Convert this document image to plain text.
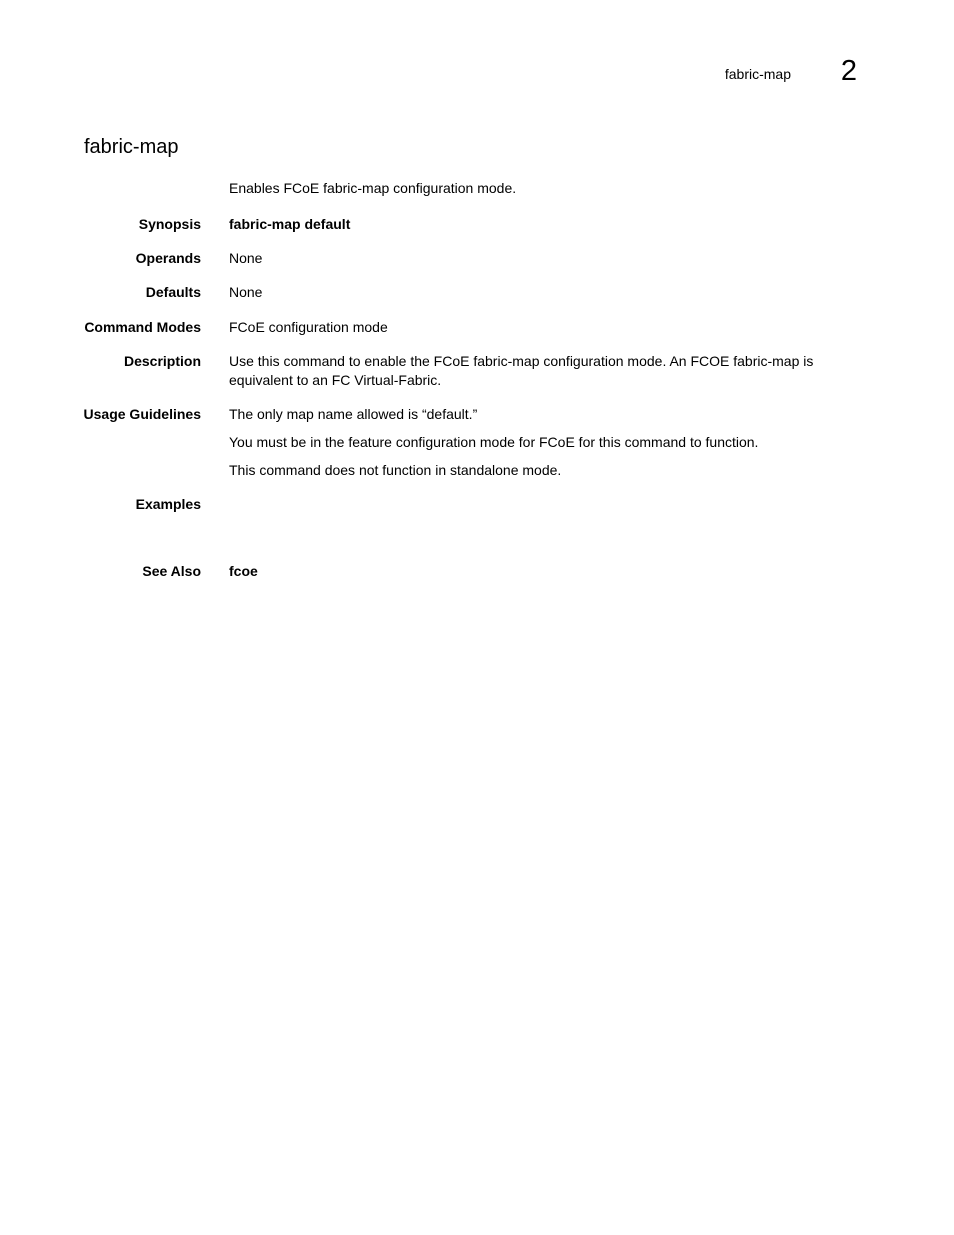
fabric-map 2
fabric-map
Enables FCoE fabric-map configuration mode.
Synopsis fabric-map default
Operands None
Defaults None
Command Modes FCoE configuration mode
Description Use this command to enable the FCoE fabric-map configuration mode. An FCOE fabric-map is equivalent to an FC Virtual-Fabric.
Usage Guidelines The only map name allowed is “default.”

You must be in the feature configuration mode for FCoE for this command to function.

This command does not function in standalone mode.

Examples
See Also fcoe
